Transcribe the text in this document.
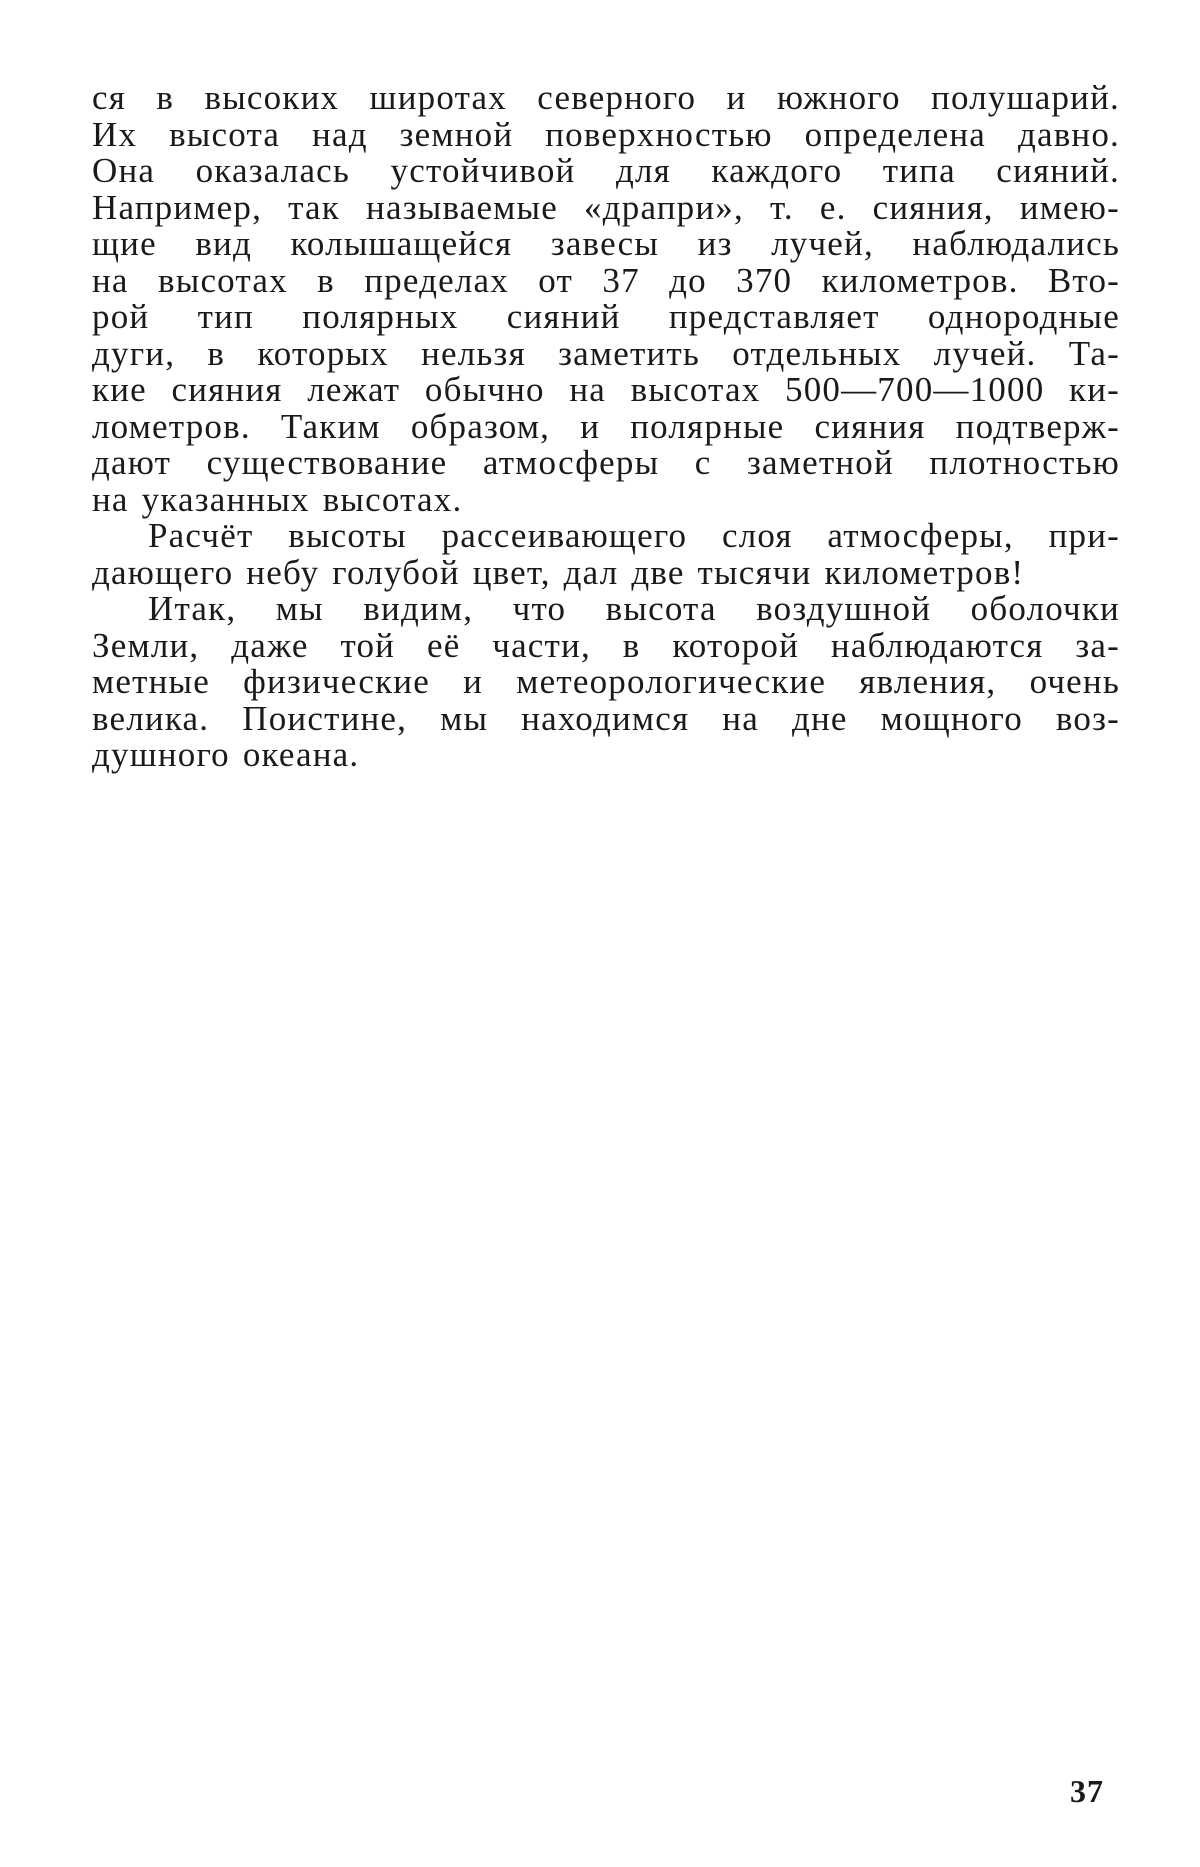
ся в высоких широтах северного и южного полушарий.
Их высота над земной поверхностью определена давно.
Она оказалась устойчивой для каждого типа сияний.
Например, так называемые «драпри», т. е. сияния, имею-
щие вид колышащейся завесы из лучей, наблюдались
на высотах в пределах от 37 до 370 километров. Вто-
рой тип полярных сияний представляет однородные
дуги, в которых нельзя заметить отдельных лучей. Та-
кие сияния лежат обычно на высотах 500—700—1000 ки-
лометров. Таким образом, и полярные сияния подтверж-
дают существование атмосферы с заметной плотностью
на указанных высотах.
Расчёт высоты рассеивающего слоя атмосферы, при-
дающего небу голубой цвет, дал две тысячи километров!
Итак, мы видим, что высота воздушной оболочки
Земли, даже той её части, в которой наблюдаются за-
метные физические и метеорологические явления, очень
велика. Поистине, мы находимся на дне мощного воз-
душного океана.
37
